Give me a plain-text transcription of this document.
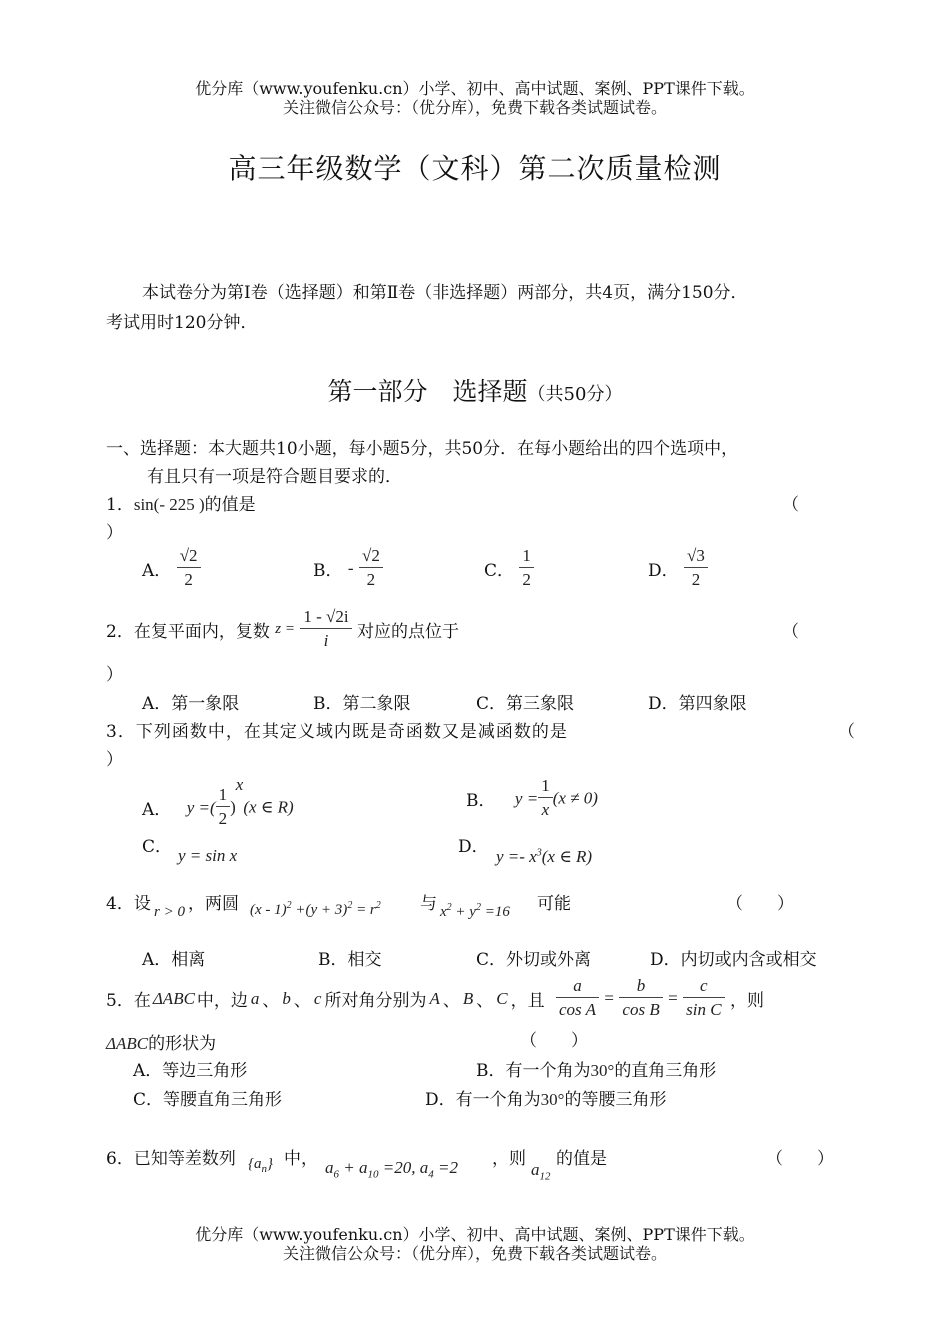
优分库（www.youfenku.cn）小学、初中、高中试题、案例、PPT课件下载。
关注微信公众号：（优分库），免费下载各类试题试卷。
高三年级数学（文科）第二次质量检测
本试卷分为第Ⅰ卷（选择题）和第Ⅱ卷（非选择题）两部分，共4页，满分150分．
考试用时120分钟．
第一部分　选择题（共50分）
一、选择题：本大题共10小题，每小题5分，共50分．在每小题给出的四个选项中，
有且只有一项是符合题目要求的．
1．sin(- 225 )的值是	（
）
A． $\frac{√2}{2}$	B． - $\frac{√2}{2}$	C． $\frac{1}{2}$	D． $\frac{√3}{2}$
2．在复平面内，复数 $z = \frac{1 - √2i}{i}$ 对应的点位于	（
）
A．第一象限	B．第二象限	C．第三象限	D．第四象限
3．下列函数中，在其定义域内既是奇函数又是减函数的是	（
）
A． y =( $\frac{1}{2} )^x(x$ ∈ R)	B． $y = \frac{1}{x} (x \ne 0)$
C． y = sin x	D． $y =- x^3(x$ ∈ R)
4．设 r > 0 ，两圆 $(x - 1)^2 +(y + 3)^2 = r^2$ 与 $x^2 + y^2 =16$ 可能	（　　）
A．相离	B．相交	C．外切或外离	D．内切或内含或相交
5．在 ΔABC 中，边 a 、 b 、 c 所对角分别为 A 、 B 、 C ，且 $\frac{a}{\text{cos A}} = \frac{b}{\text{cos B}} = \frac{c}{\text{sin C}}$ ，则
ΔABC的形状为	（　　）
A．等边三角形	B．有一个角为30°的直角三角形
C．等腰直角三角形	D．有一个角为30°的等腰三角形
6．已知等差数列 $\{a_n\}$ 中， $a_6 + a_{10} =20$, $a_4 =2$ ，则
$a_{12}$
的值是	（　　）
优分库（www.youfenku.cn）小学、初中、高中试题、案例、PPT课件下载。
关注微信公众号：（优分库），免费下载各类试题试卷。
